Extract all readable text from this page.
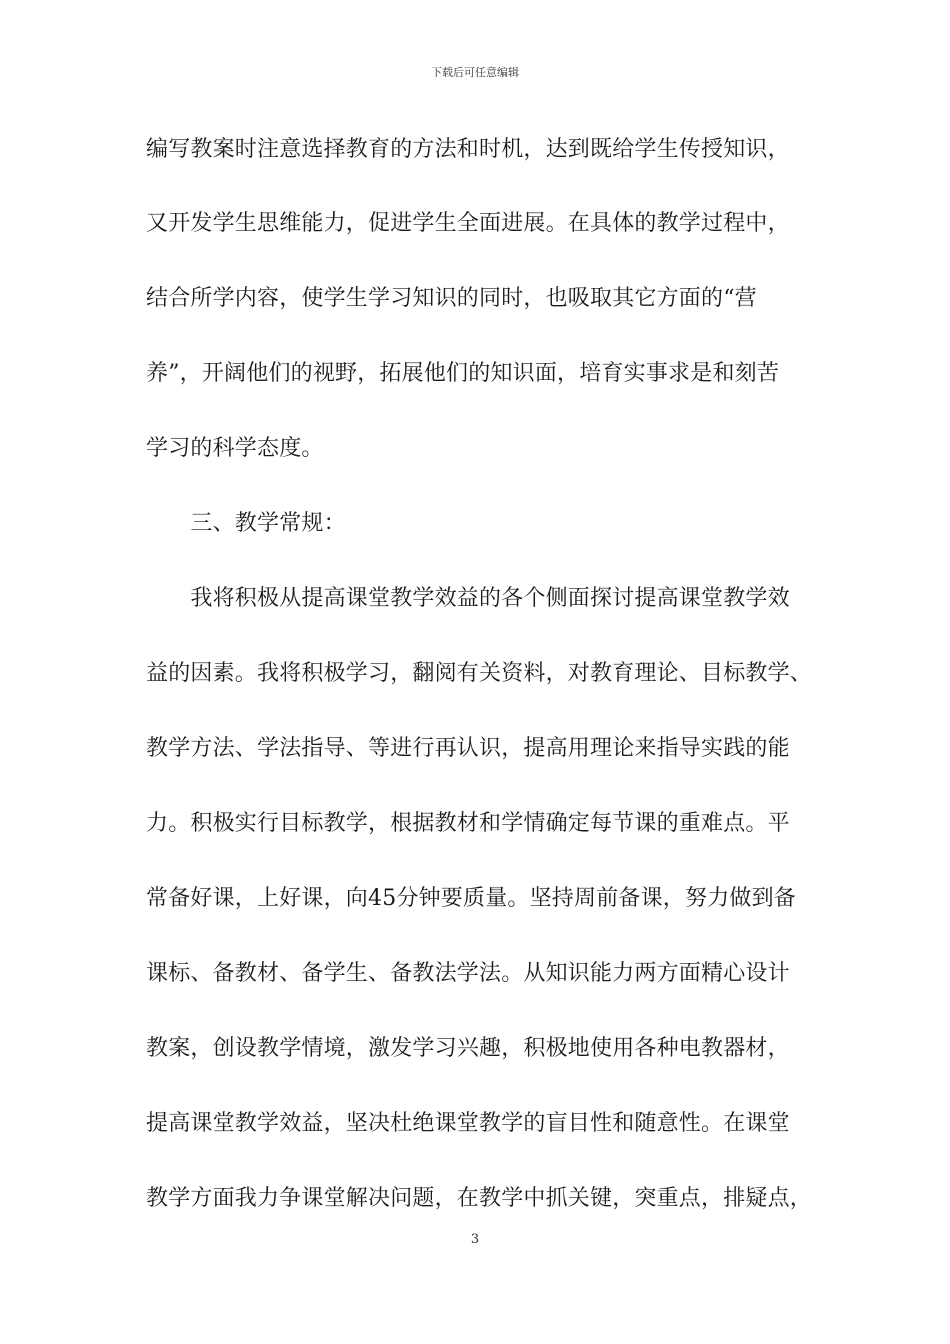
下载后可任意编辑
编写教案时注意选择教育的方法和时机，达到既给学生传授知识，
又开发学生思维能力，促进学生全面进展。在具体的教学过程中，
结合所学内容，使学生学习知识的同时，也吸取其它方面的“营
养”，开阔他们的视野，拓展他们的知识面，培育实事求是和刻苦
学习的科学态度。
　　三、教学常规：
　　我将积极从提高课堂教学效益的各个侧面探讨提高课堂教学效
益的因素。我将积极学习，翻阅有关资料，对教育理论、目标教学、
教学方法、学法指导、等进行再认识，提高用理论来指导实践的能
力。积极实行目标教学，根据教材和学情确定每节课的重难点。平
常备好课，上好课，向45分钟要质量。坚持周前备课，努力做到备
课标、备教材、备学生、备教法学法。从知识能力两方面精心设计
教案，创设教学情境，激发学习兴趣，积极地使用各种电教器材，
提高课堂教学效益，坚决杜绝课堂教学的盲目性和随意性。在课堂
教学方面我力争课堂解决问题，在教学中抓关键，突重点，排疑点，
3
